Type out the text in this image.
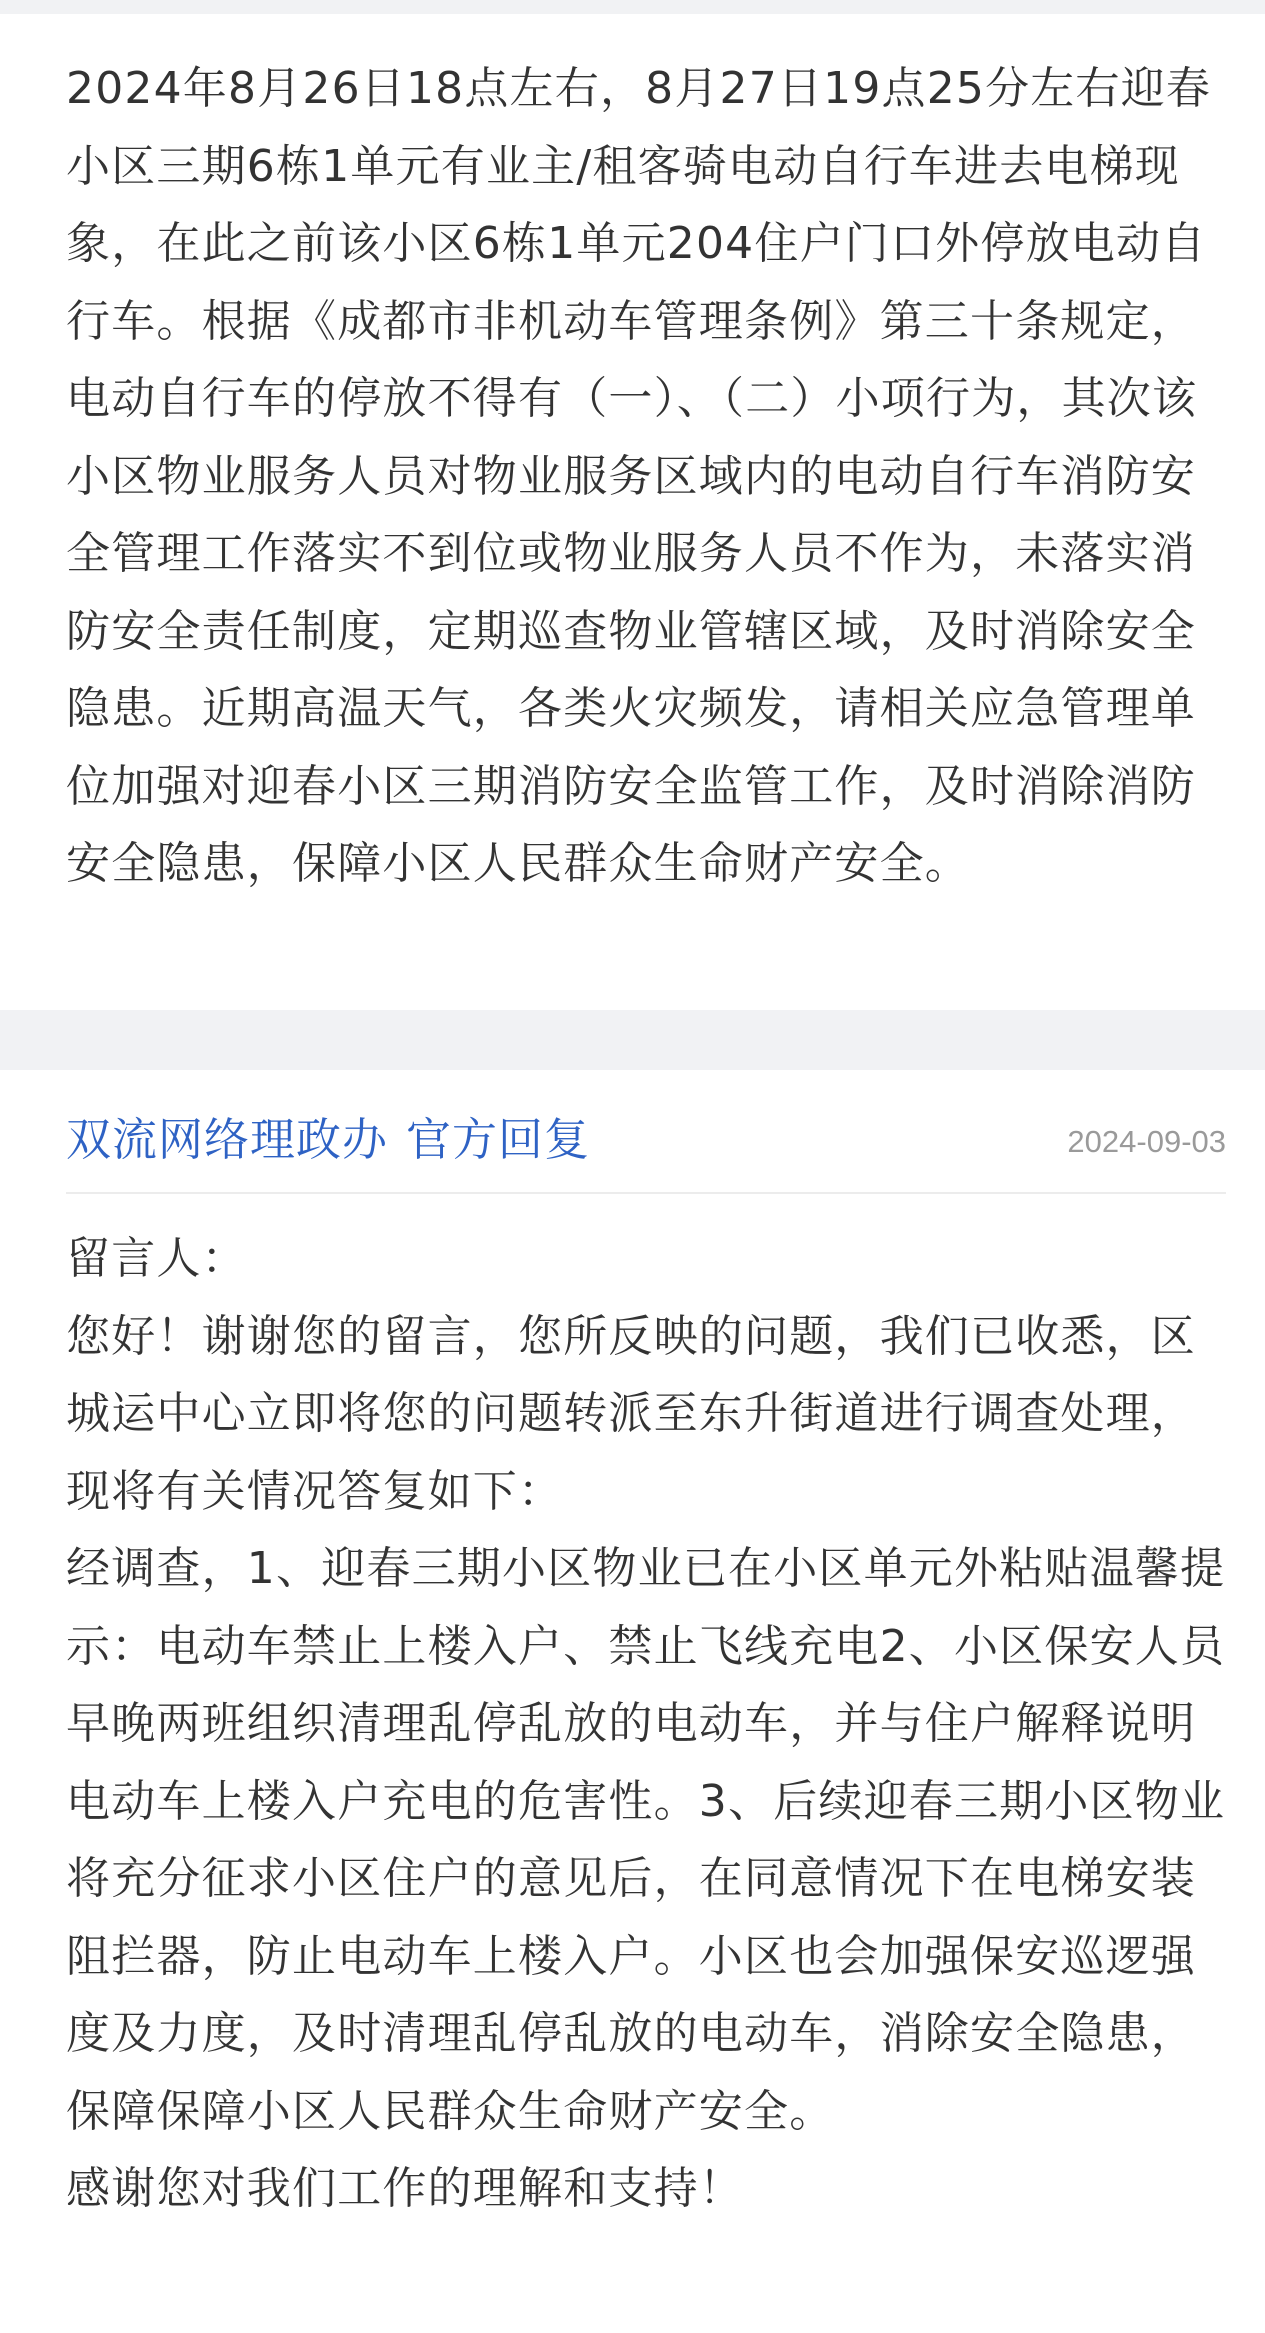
2024年8月26日18点左右，8月27日19点25分左右迎春小区三期6栋1单元有业主/租客骑电动自行车进去电梯现象，在此之前该小区6栋1单元204住户门口外停放电动自行车。根据《成都市非机动车管理条例》第三十条规定，电动自行车的停放不得有（一）、（二）小项行为，其次该小区物业服务人员对物业服务区域内的电动自行车消防安全管理工作落实不到位或物业服务人员不作为，未落实消防安全责任制度，定期巡查物业管辖区域，及时消除安全隐患。近期高温天气，各类火灾频发，请相关应急管理单位加强对迎春小区三期消防安全监管工作，及时消除消防安全隐患，保障小区人民群众生命财产安全。

双流网络理政办 官方回复	2024-09-03

留言人：

您好！谢谢您的留言，您所反映的问题，我们已收悉，区城运中心立即将您的问题转派至东升街道进行调查处理，现将有关情况答复如下：

经调查，1、迎春三期小区物业已在小区单元外粘贴温馨提示：电动车禁止上楼入户、禁止飞线充电2、小区保安人员早晚两班组织清理乱停乱放的电动车，并与住户解释说明电动车上楼入户充电的危害性。3、后续迎春三期小区物业将充分征求小区住户的意见后，在同意情况下在电梯安装阻拦器，防止电动车上楼入户。小区也会加强保安巡逻强度及力度，及时清理乱停乱放的电动车，消除安全隐患，保障保障小区人民群众生命财产安全。

感谢您对我们工作的理解和支持！
